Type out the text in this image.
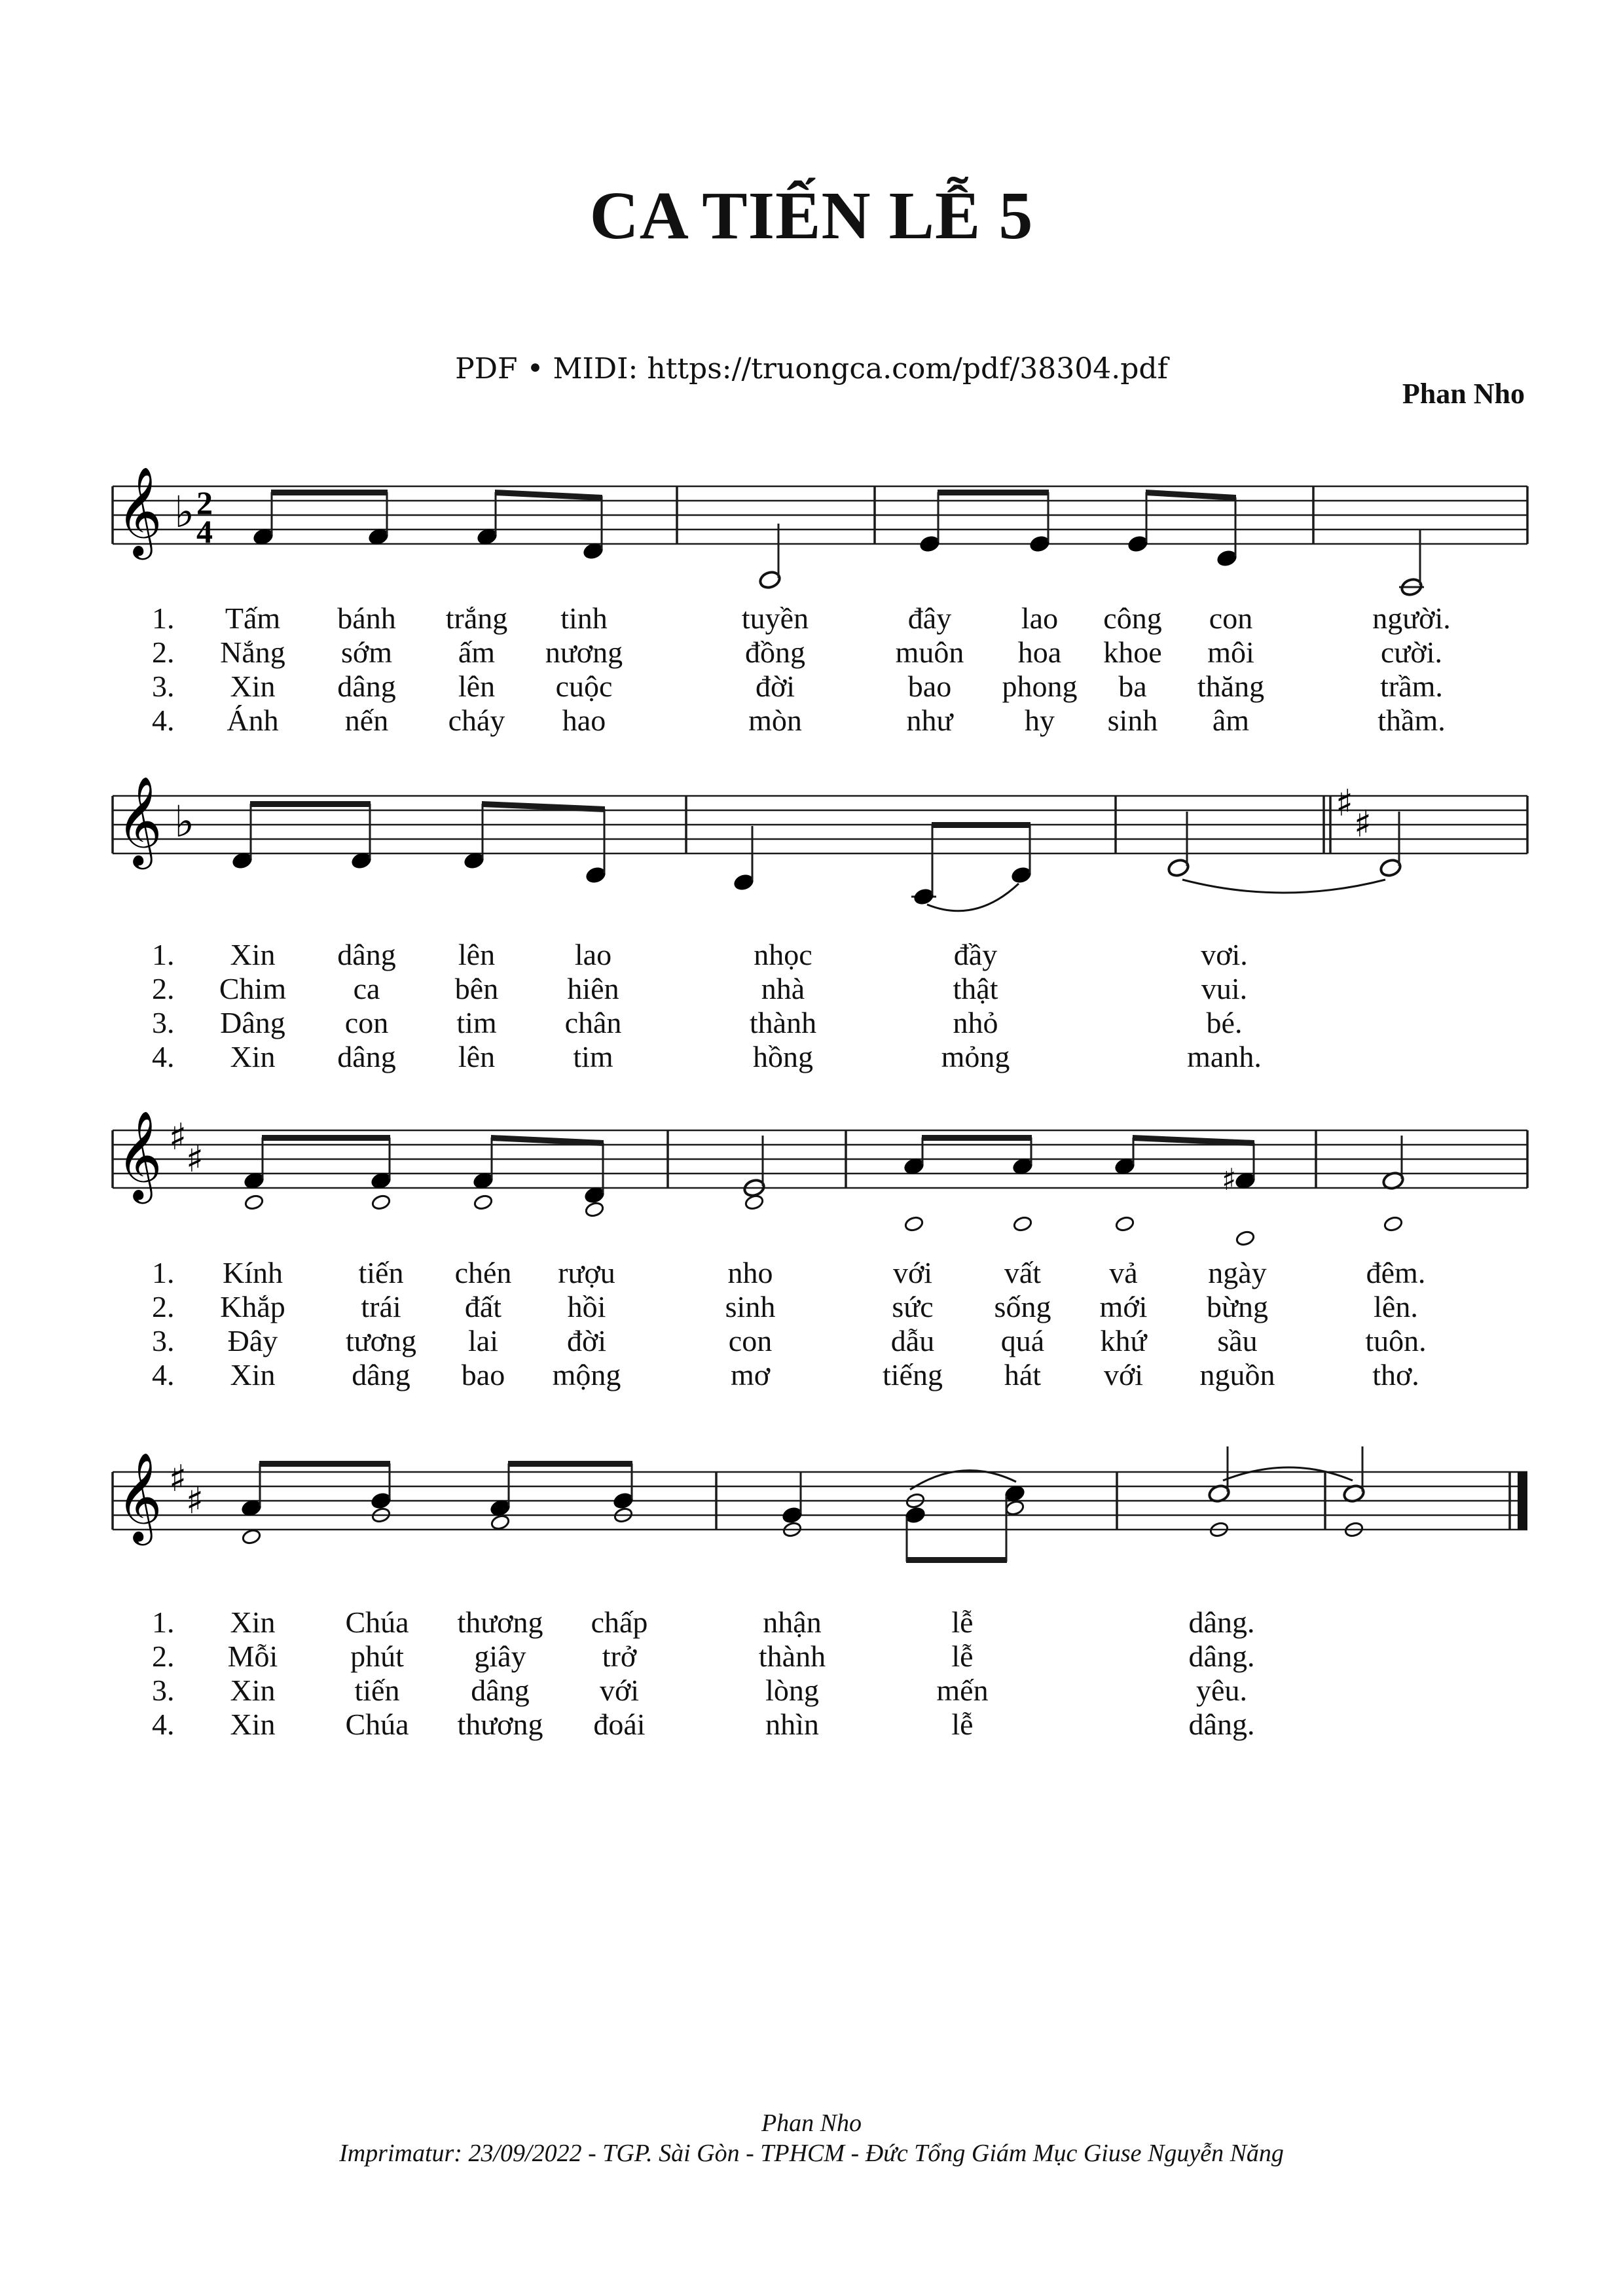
CA TIẾN LỄ 5
PDF • MIDI: https://truongca.com/pdf/38304.pdf
Phan Nho
𝄞 ♭ 2
4
1. Tấm bánh trắng tinh	tuyền	đây lao công con	người.
2. Nắng sớm ấm nương	đồng	muôn hoa khoe môi	cười.
3. Xin dâng lên cuộc	đời	bao phong ba thăng	trầm.
4. Ánh nến cháy hao	mòn	như hy sinh âm	thầm.
𝄞 ♭	♯ ♯
1. Xin dâng lên	lao	nhọc	đầy	vơi.
2. Chim ca bên hiên	nhà	thật	vui.
3. Dâng con tim chân	thành	nhỏ	bé.
4. Xin dâng lên	tim	hồng	mỏng	manh.
𝄞 ♯
♯	♯
1. Kính	tiến chén rượu	nho	với vất vả ngày	đêm.
2. Khắp	trái đất hồi	sinh	sức sống mới bừng	lên.
3. Đây tương lai đời	con	dẫu quá khứ sầu	tuôn.
4. Xin	dâng bao mộng	mơ	tiếng hát với nguồn	thơ.
𝄞 ♯
♯
1. Xin Chúa thương chấp	nhận	lễ	dâng.
2. Mỗi phút giây	trở	thành	lễ	dâng.
3. Xin	tiến dâng với	lòng	mến	yêu.
4. Xin Chúa thương đoái	nhìn	lễ	dâng.
Phan Nho
Imprimatur: 23/09/2022 - TGP. Sài Gòn - TPHCM - Đức Tổng Giám Mục Giuse Nguyễn Năng
